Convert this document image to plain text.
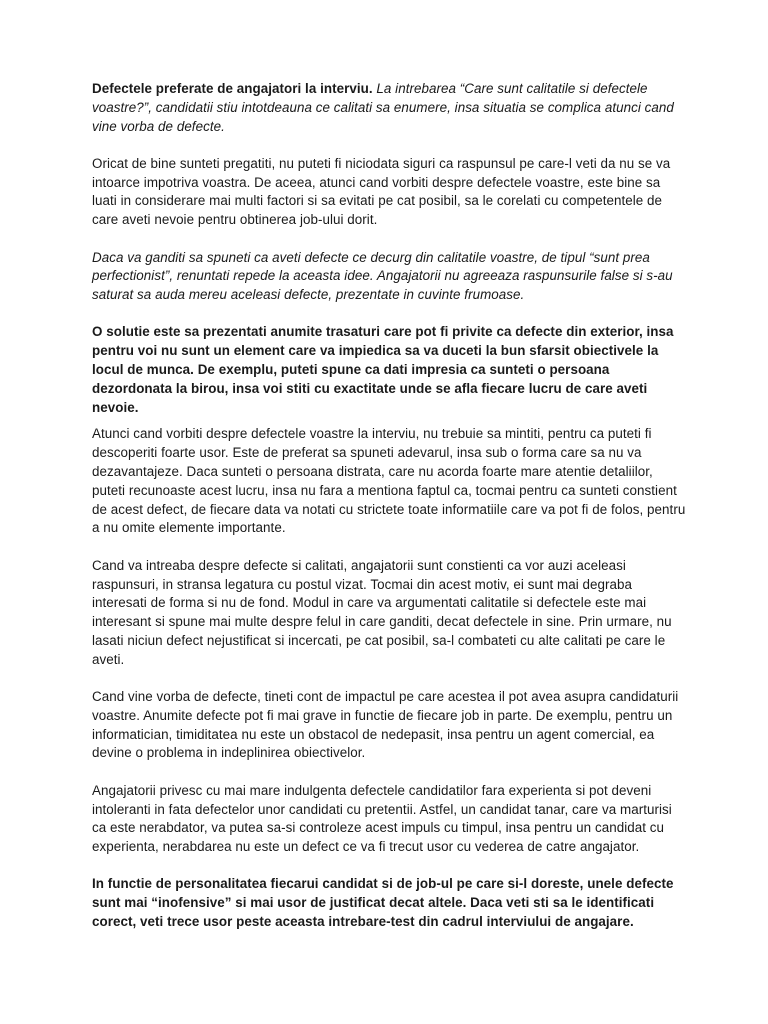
Defectele preferate de angajatori la interviu. La intrebarea “Care sunt calitatile si defectele voastre?”, candidatii stiu intotdeauna ce calitati sa enumere, insa situatia se complica atunci cand vine vorba de defecte.

Oricat de bine sunteti pregatiti, nu puteti fi niciodata siguri ca raspunsul pe care-l veti da nu se va intoarce impotriva voastra. De aceea, atunci cand vorbiti despre defectele voastre, este bine sa luati in considerare mai multi factori si sa evitati pe cat posibil, sa le corelati cu competentele de care aveti nevoie pentru obtinerea job-ului dorit.

Daca va ganditi sa spuneti ca aveti defecte ce decurg din calitatile voastre, de tipul “sunt prea perfectionist”, renuntati repede la aceasta idee. Angajatorii nu agreeaza raspunsurile false si s-au saturat sa auda mereu aceleasi defecte, prezentate in cuvinte frumoase.

O solutie este sa prezentati anumite trasaturi care pot fi privite ca defecte din exterior, insa pentru voi nu sunt un element care va impiedica sa va duceti la bun sfarsit obiectivele la locul de munca. De exemplu, puteti spune ca dati impresia ca sunteti o persoana dezordonata la birou, insa voi stiti cu exactitate unde se afla fiecare lucru de care aveti nevoie.

Atunci cand vorbiti despre defectele voastre la interviu, nu trebuie sa mintiti, pentru ca puteti fi descoperiti foarte usor. Este de preferat sa spuneti adevarul, insa sub o forma care sa nu va dezavantajeze. Daca sunteti o persoana distrata, care nu acorda foarte mare atentie detaliilor, puteti recunoaste acest lucru, insa nu fara a mentiona faptul ca, tocmai pentru ca sunteti constient de acest defect, de fiecare data va notati cu strictete toate informatiile care va pot fi de folos, pentru a nu omite elemente importante.

Cand va intreaba despre defecte si calitati, angajatorii sunt constienti ca vor auzi aceleasi raspunsuri, in stransa legatura cu postul vizat. Tocmai din acest motiv, ei sunt mai degraba interesati de forma si nu de fond. Modul in care va argumentati calitatile si defectele este mai interesant si spune mai multe despre felul in care ganditi, decat defectele in sine. Prin urmare, nu lasati niciun defect nejustificat si incercati, pe cat posibil, sa-l combateti cu alte calitati pe care le aveti.

Cand vine vorba de defecte, tineti cont de impactul pe care acestea il pot avea asupra candidaturii voastre. Anumite defecte pot fi mai grave in functie de fiecare job in parte. De exemplu, pentru un informatician, timiditatea nu este un obstacol de nedepasit, insa pentru un agent comercial, ea devine o problema in indeplinirea obiectivelor.

Angajatorii privesc cu mai mare indulgenta defectele candidatilor fara experienta si pot deveni intoleranti in fata defectelor unor candidati cu pretentii. Astfel, un candidat tanar, care va marturisi ca este nerabdator, va putea sa-si controleze acest impuls cu timpul, insa pentru un candidat cu experienta, nerabdarea nu este un defect ce va fi trecut usor cu vederea de catre angajator.

In functie de personalitatea fiecarui candidat si de job-ul pe care si-l doreste, unele defecte sunt mai “inofensive” si mai usor de justificat decat altele. Daca veti sti sa le identificati corect, veti trece usor peste aceasta intrebare-test din cadrul interviului de angajare.
